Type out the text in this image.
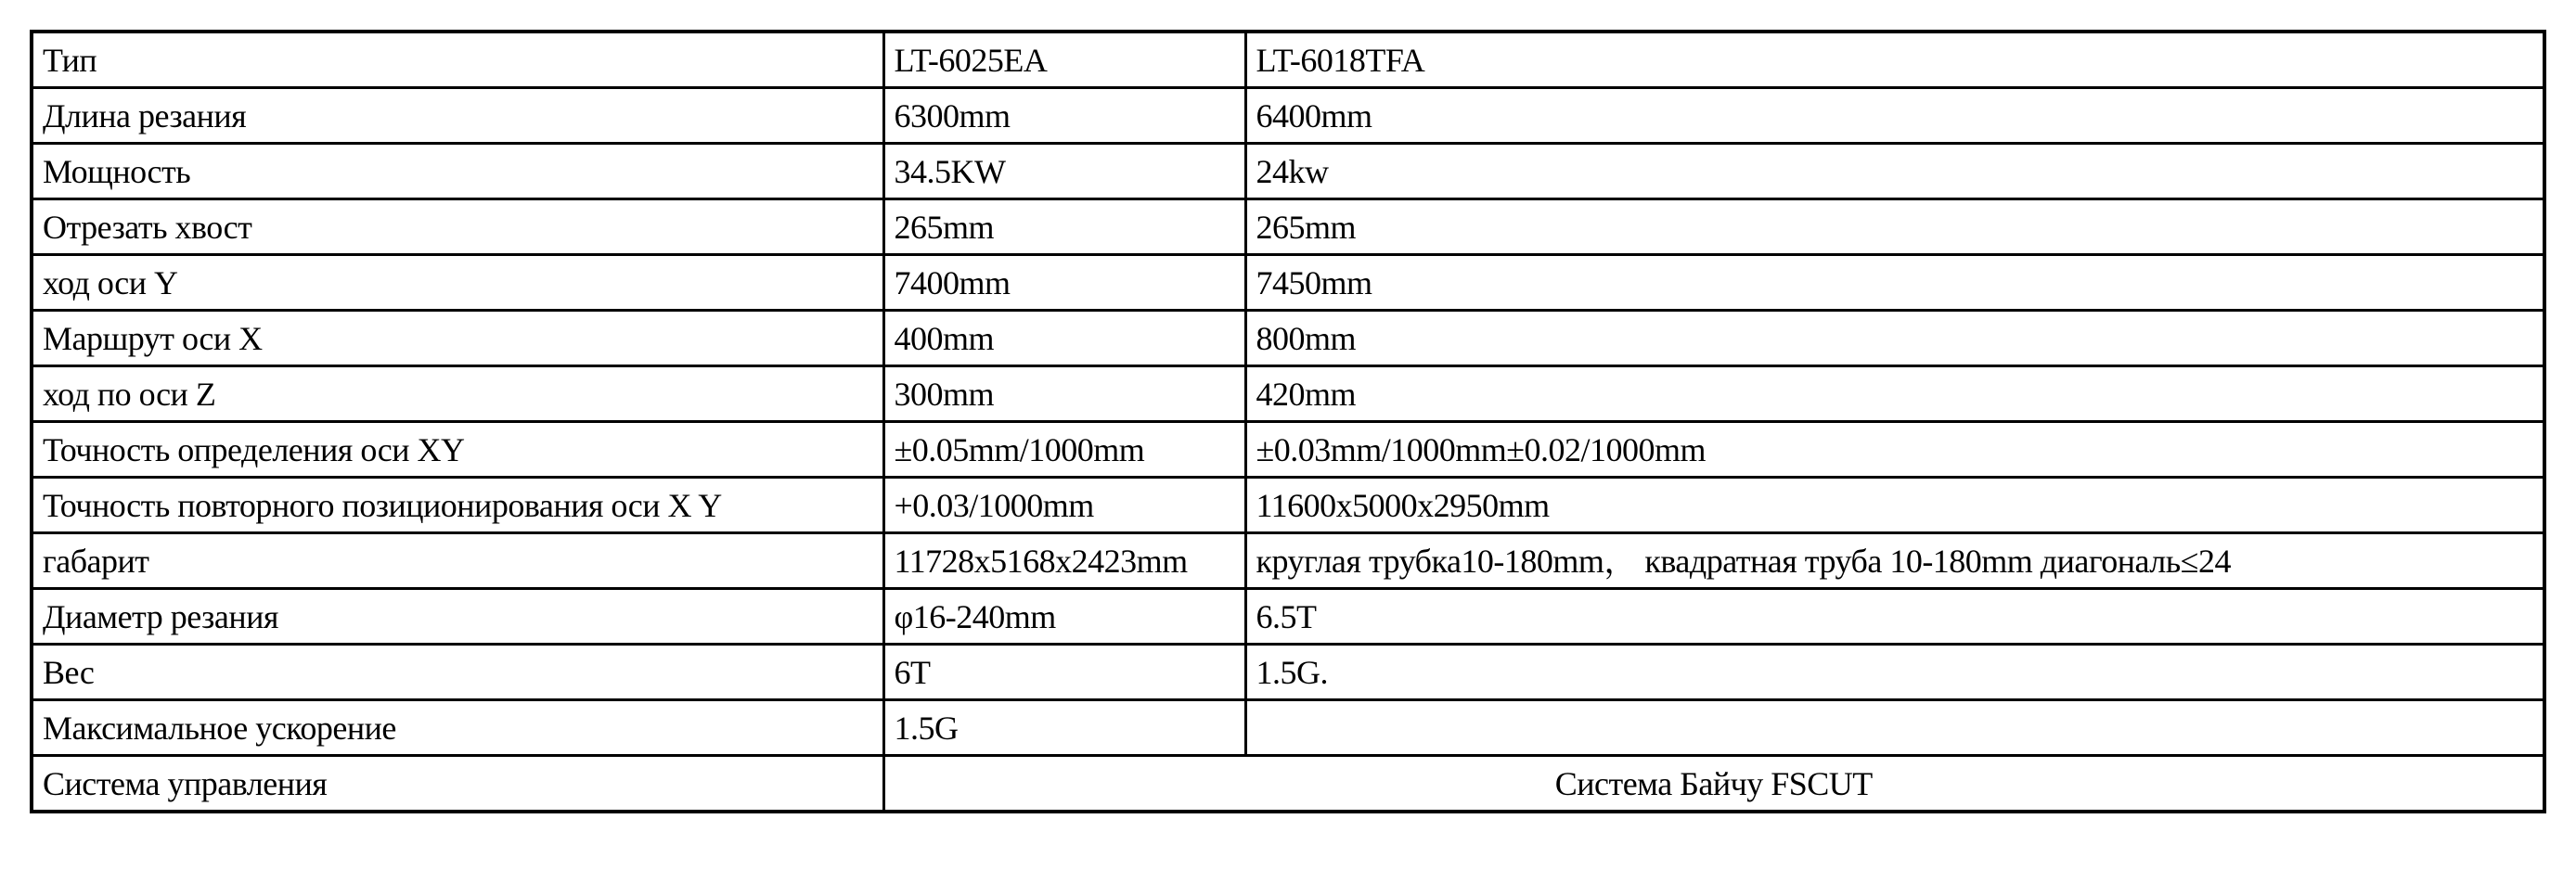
Тип	LT-6025EA	LT-6018TFA
Длина резания	6300mm	6400mm
Мощность	34.5KW	24kw
Отрезать хвост	265mm	265mm
ход оси Y	7400mm	7450mm
Маршрут оси X	400mm	800mm
ход по оси Z	300mm	420mm
Точность определения оси XY	±0.05mm/1000mm	±0.03mm/1000mm±0.02/1000mm
Точность повторного позиционирования оси X Y	+0.03/1000mm	11600x5000x2950mm
габарит	11728x5168x2423mm	круглая трубка10-180mm， квадратная труба 10-180mm диагональ≤24
Диаметр резания	φ16-240mm	6.5T
Вес	6T	1.5G.
Максимальное ускорение	1.5G	
Система управления	Система Байчу FSCUT	
